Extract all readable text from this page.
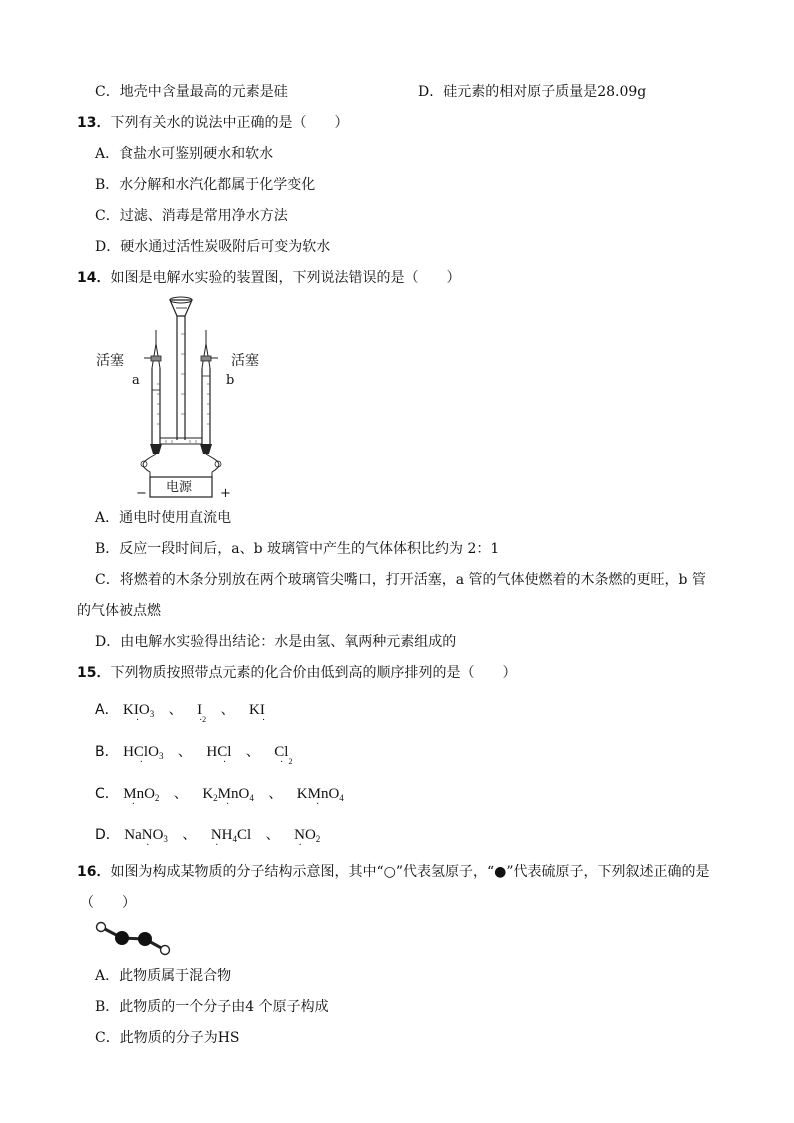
C．地壳中含量最高的元素是硅	D．硅元素的相对原子质量是28.09g
13．下列有关水的说法中正确的是（　　）
A．食盐水可鉴别硬水和软水
B．水分解和水汽化都属于化学变化
C．过滤、消毒是常用净水方法
D．硬水通过活性炭吸附后可变为软水
14．如图是电解水实验的装置图，下列说法错误的是（　　）
活塞	活塞
a	b
电源
−	+
A．通电时使用直流电
B．反应一段时间后，a、b 玻璃管中产生的气体体积比约为 2：1
C．将燃着的木条分别放在两个玻璃管尖嘴口，打开活塞，a 管的气体使燃着的木条燃的更旺，b 管
的气体被点燃
D．由电解水实验得出结论：水是由氢、氧两种元素组成的
15．下列物质按照带点元素的化合价由低到高的顺序排列的是（　　）
A． KI $\cdot O_3$ 、 $I \cdot_2$ 、 KI ·
B． HCl $\cdot O_3$ 、 HCl · 、 $Cl \cdot_2$
C． $Mn \cdot O_2$ 、 $K_2Mn \cdot O_4$ 、 KMn $\cdot O_4$
D． NaN $\cdot O_3$ 、 $N \cdot H_4Cl$ 、 $N \cdot O_2$
16．如图为构成某物质的分子结构示意图，其中“○”代表氢原子，“●”代表硫原子，下列叙述正确的是
（　　）
A．此物质属于混合物
B．此物质的一个分子由4 个原子构成
C．此物质的分子为HS
